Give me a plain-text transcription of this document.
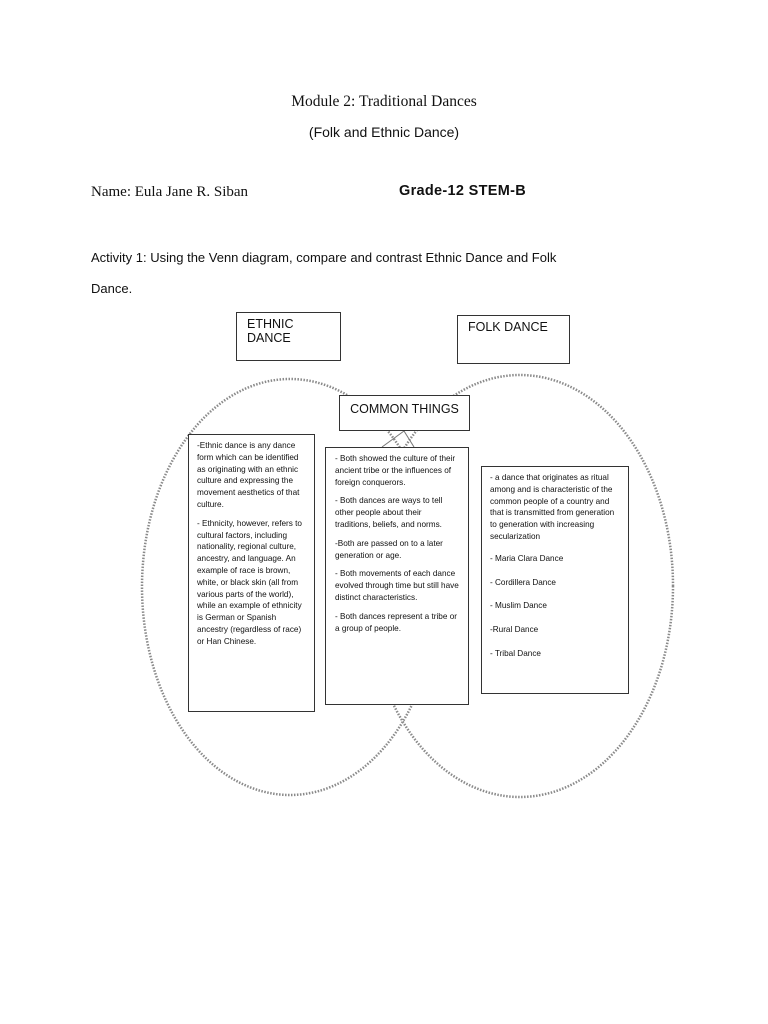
Module 2: Traditional Dances
(Folk and Ethnic Dance)
Name: Eula Jane R. Siban	Grade-12 STEM-B
Activity 1: Using the Venn diagram, compare and contrast Ethnic Dance and Folk Dance.
ETHNIC DANCE
FOLK DANCE
COMMON THINGS

-Ethnic dance is any dance form which can be identified as originating with an ethnic culture and expressing the movement aesthetics of that culture.

- Ethnicity, however, refers to cultural factors, including nationality, regional culture, ancestry, and language. An example of race is brown, white, or black skin (all from various parts of the world), while an example of ethnicity is German or Spanish ancestry (regardless of race) or Han Chinese.

- Both showed the culture of their ancient tribe or the influences of foreign conquerors.

- Both dances are ways to tell other people about their traditions, beliefs, and norms.

-Both are passed on to a later generation or age.

- Both movements of each dance evolved through time but still have distinct characteristics.

- Both dances represent a tribe or a group of people.

- a dance that originates as ritual among and is characteristic of the common people of a country and that is transmitted from generation to generation with increasing secularization

- Maria Clara Dance

- Cordillera Dance

- Muslim Dance

-Rural Dance

- Tribal Dance
